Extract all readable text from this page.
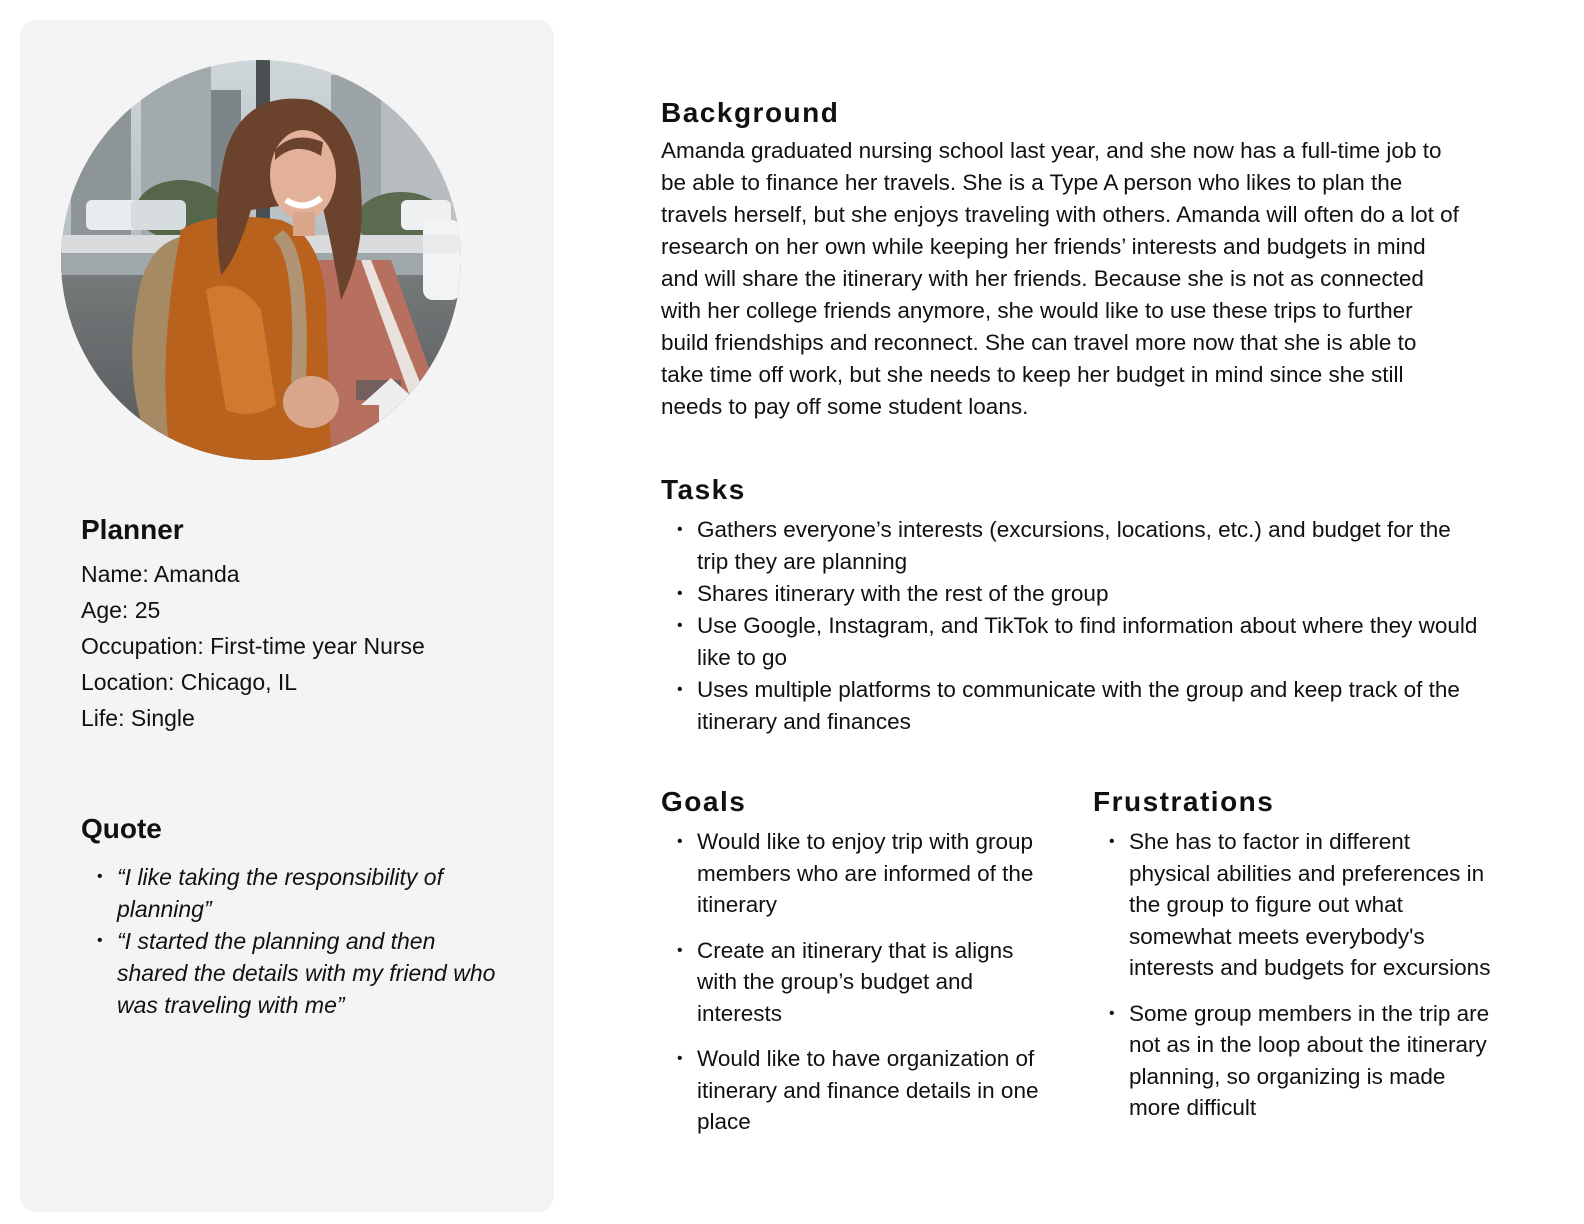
Planner
Name: Amanda
Age: 25
Occupation: First-time year Nurse
Location: Chicago, IL
Life: Single
Quote
• “I like taking the responsibility of planning”
• “I started the planning and then shared the details with my friend who was traveling with me”
Background
Amanda graduated nursing school last year, and she now has a full-time job to be able to finance her travels. She is a Type A person who likes to plan the travels herself, but she enjoys traveling with others. Amanda will often do a lot of research on her own while keeping her friends’ interests and budgets in mind and will share the itinerary with her friends. Because she is not as connected with her college friends anymore, she would like to use these trips to further build friendships and reconnect. She can travel more now that she is able to take time off work, but she needs to keep her budget in mind since she still needs to pay off some student loans.
Tasks
• Gathers everyone’s interests (excursions, locations, etc.) and budget for the trip they are planning
• Shares itinerary with the rest of the group
• Use Google, Instagram, and TikTok to find information about where they would like to go
• Uses multiple platforms to communicate with the group and keep track of the itinerary and finances
Goals
• Would like to enjoy trip with group members who are informed of the itinerary
• Create an itinerary that is aligns with the group’s budget and interests
• Would like to have organization of itinerary and finance details in one place
Frustrations
• She has to factor in different physical abilities and preferences in the group to figure out what somewhat meets everybody's interests and budgets for excursions
• Some group members in the trip are not as in the loop about the itinerary planning, so organizing is made more difficult
